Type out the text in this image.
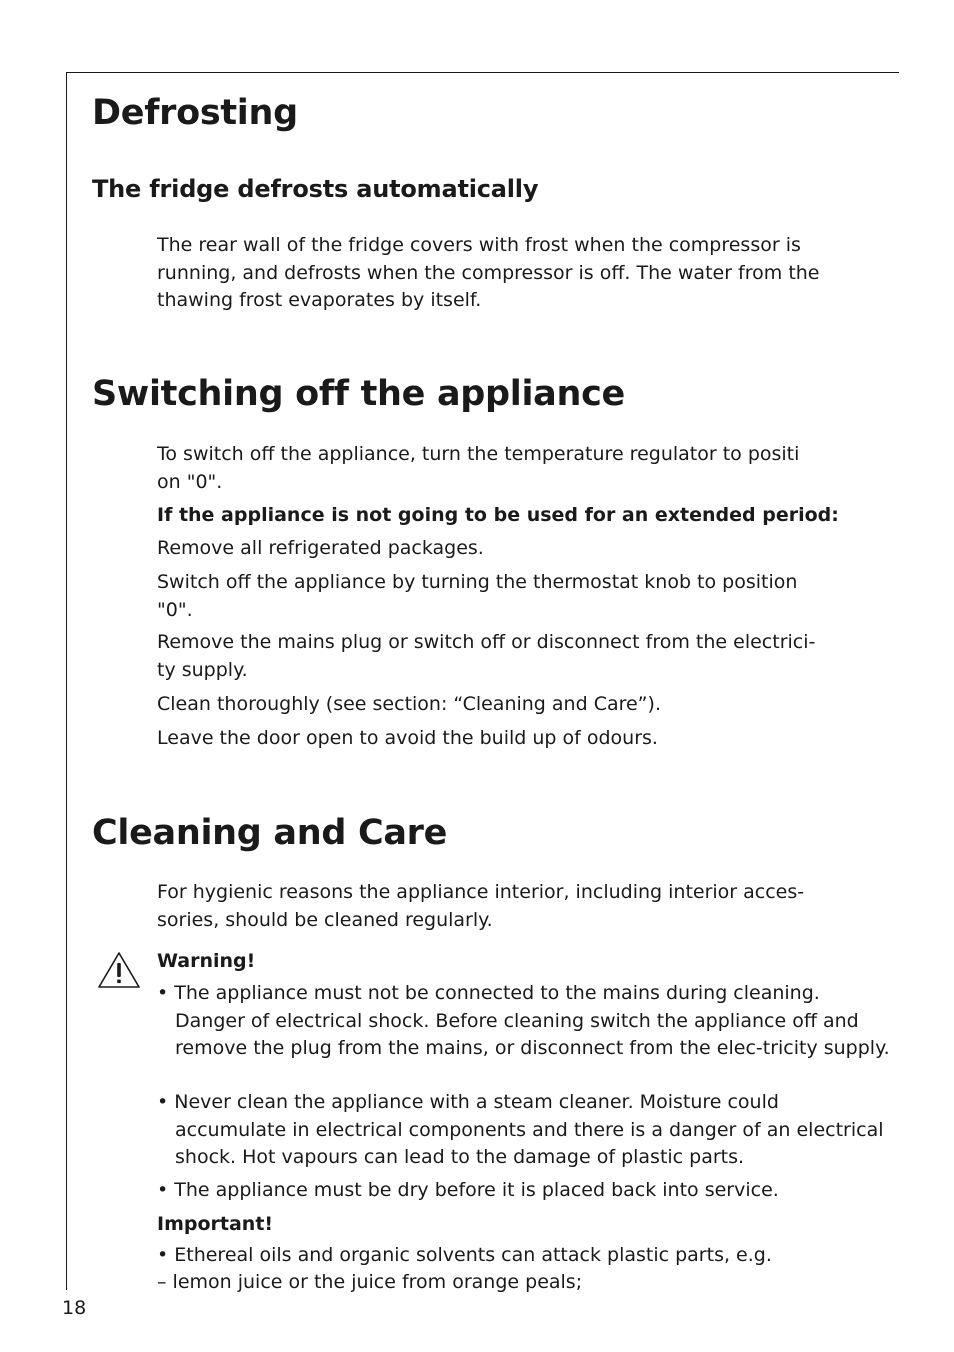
Defrosting
The fridge defrosts automatically

The rear wall of the fridge covers with frost when the compressor is
running, and defrosts when the compressor is off. The water from the
thawing frost evaporates by itself.

Switching off the appliance

To switch off the appliance, turn the temperature regulator to positi
on "0".

If the appliance is not going to be used for an extended period:

Remove all refrigerated packages.

Switch off the appliance by turning the thermostat knob to position
"0".

Remove the mains plug or switch off or disconnect from the electrici-
ty supply.

Clean thoroughly (see section: “Cleaning and Care”).

Leave the door open to avoid the build up of odours.

Cleaning and Care

For hygienic reasons the appliance interior, including interior acces-
sories, should be cleaned regularly.

Warning!

• The appliance must not be connected to the mains during cleaning. Danger of electrical shock. Before cleaning switch the appliance off and remove the plug from the mains, or disconnect from the elec-tricity supply.

• Never clean the appliance with a steam cleaner. Moisture could accumulate in electrical components and there is a danger of an electrical shock. Hot vapours can lead to the damage of plastic parts.

• The appliance must be dry before it is placed back into service.

Important!

• Ethereal oils and organic solvents can attack plastic parts, e.g.

– lemon juice or the juice from orange peals;

18
